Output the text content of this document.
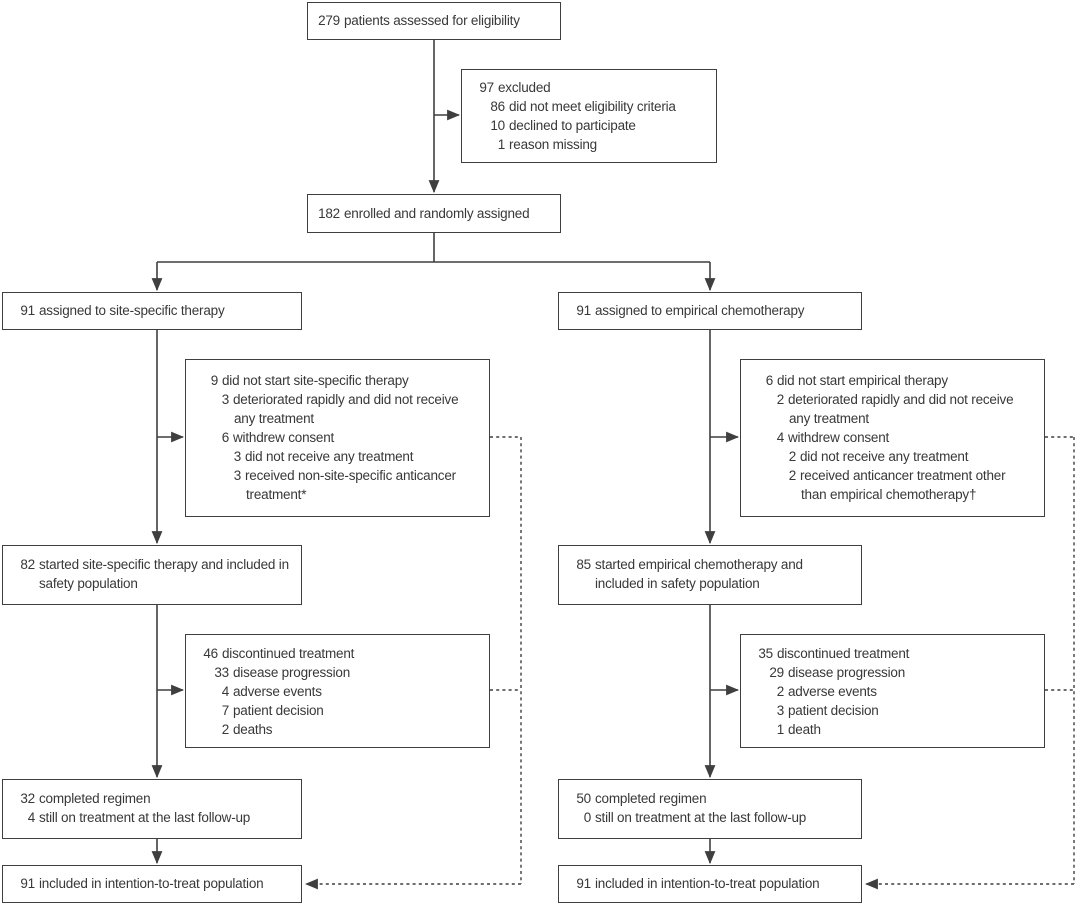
279 patients assessed for eligibility
97 excluded
86 did not meet eligibility criteria
10 declined to participate
1 reason missing
182 enrolled and randomly assigned
91 assigned to site-specific therapy	91 assigned to empirical chemotherapy
9 did not start site-specific therapy
3 deteriorated rapidly and did not receive
any treatment
6 withdrew consent
3 did not receive any treatment
3 received non-site-specific anticancer
treatment*
6 did not start empirical therapy
2 deteriorated rapidly and did not receive
any treatment
4 withdrew consent
2 did not receive any treatment
2 received anticancer treatment other
than empirical chemotherapy†
82 started site-specific therapy and included in
safety population
85 started empirical chemotherapy and
included in safety population
46 discontinued treatment
33 disease progression
4 adverse events
7 patient decision
2 deaths
35 discontinued treatment
29 disease progression
2 adverse events
3 patient decision
1 death
32 completed regimen
4 still on treatment at the last follow-up
50 completed regimen
0 still on treatment at the last follow-up
91 included in intention-to-treat population	91 included in intention-to-treat population
